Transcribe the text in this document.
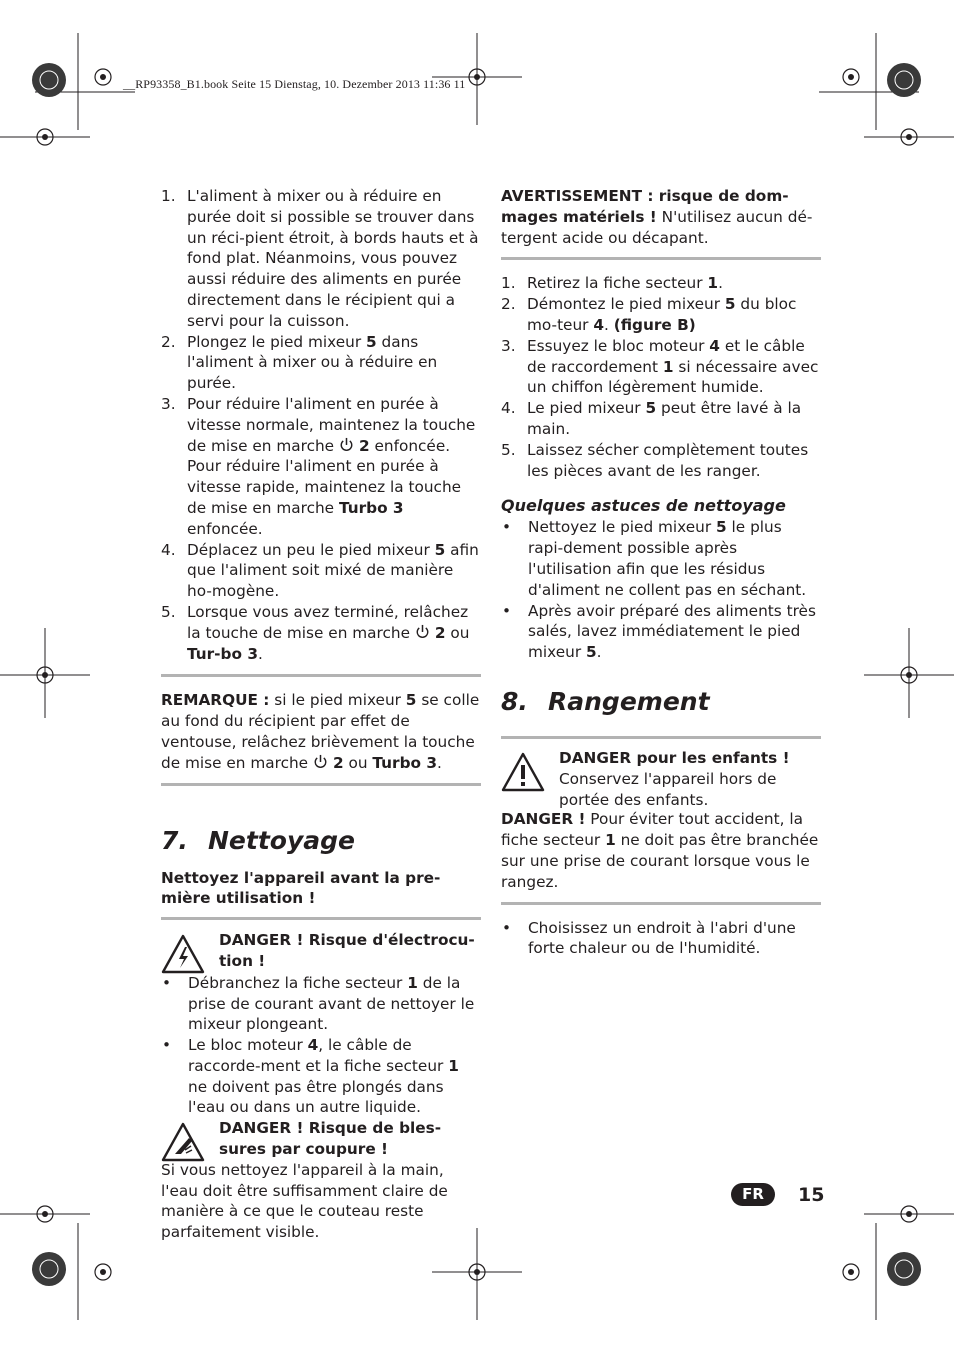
__RP93358_B1.book Seite 15 Dienstag, 10. Dezember 2013 11:36 11
1. L'aliment à mixer ou à réduire en purée doit si possible se trouver dans un réci-pient étroit, à bords hauts et à fond plat. Néanmoins, vous pouvez aussi réduire des aliments en purée directement dans le récipient qui a servi pour la cuisson.
2. Plongez le pied mixeur 5 dans l'aliment à mixer ou à réduire en purée.
3. Pour réduire l'aliment en purée à vitesse normale, maintenez la touche de mise en marche 2 enfoncée.
Pour réduire l'aliment en purée à vitesse rapide, maintenez la touche de mise en marche Turbo 3 enfoncée.
4. Déplacez un peu le pied mixeur 5 afin que l'aliment soit mixé de manière ho-mogène.
5. Lorsque vous avez terminé, relâchez la touche de mise en marche 2 ou Tur-bo 3.

REMARQUE : si le pied mixeur 5 se colle au fond du récipient par effet de ventouse, relâchez brièvement la touche de mise en marche 2 ou Turbo 3.

7. Nettoyage

Nettoyez l'appareil avant la pre-mière utilisation !

DANGER ! Risque d'électrocu-tion !

• Débranchez la fiche secteur 1 de la prise de courant avant de nettoyer le mixeur plongeant.
• Le bloc moteur 4, le câble de raccorde-ment et la fiche secteur 1 ne doivent pas être plongés dans l'eau ou dans un autre liquide.

DANGER ! Risque de bles-sures par coupure !

Si vous nettoyez l'appareil à la main, l'eau doit être suffisamment claire de manière à ce que le couteau reste parfaitement visible.

AVERTISSEMENT : risque de dom-mages matériels ! N'utilisez aucun dé-tergent acide ou décapant.

1. Retirez la fiche secteur 1.
2. Démontez le pied mixeur 5 du bloc mo-teur 4. (figure B)
3. Essuyez le bloc moteur 4 et le câble de raccordement 1 si nécessaire avec un chiffon légèrement humide.
4. Le pied mixeur 5 peut être lavé à la main.
5. Laissez sécher complètement toutes les pièces avant de les ranger.
Quelques astuces de nettoyage
• Nettoyez le pied mixeur 5 le plus rapi-dement possible après l'utilisation afin que les résidus d'aliment ne collent pas en séchant.
• Après avoir préparé des aliments très salés, lavez immédiatement le pied mixeur 5.
8. Rangement

DANGER pour les enfants !

Conservez l'appareil hors de portée des enfants.

DANGER ! Pour éviter tout accident, la fiche secteur 1 ne doit pas être branchée sur une prise de courant lorsque vous le rangez.

• Choisissez un endroit à l'abri d'une forte chaleur ou de l'humidité.
FR	15
